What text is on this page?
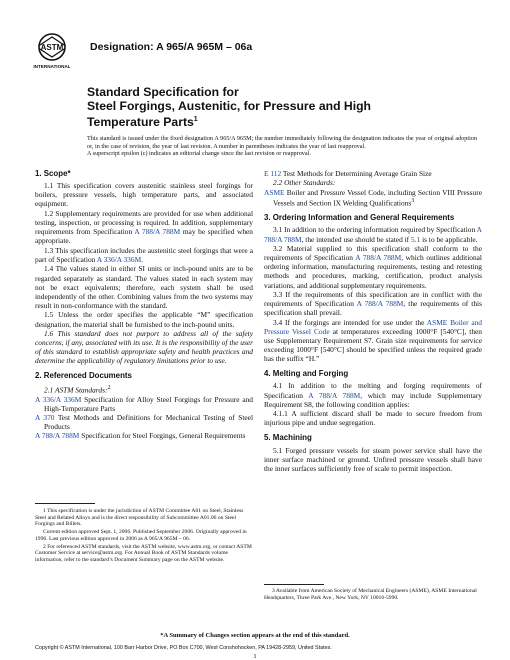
ASTM
INTERNATIONAL
Designation: A 965/A 965M – 06a
Standard Specification for
Steel Forgings, Austenitic, for Pressure and High
Temperature Parts$^1$
This standard is issued under the fixed designation A 965/A 965M; the number immediately following the designation indicates the year of original adoption or, in the case of revision, the year of last revision. A number in parentheses indicates the year of last reapproval.
A superscript epsilon (ε) indicates an editorial change since the last revision or reapproval.
1. Scope*

1.1 This specification covers austenitic stainless steel forgings for boilers, pressure vessels, high temperature parts, and associated equipment.

1.2 Supplementary requirements are provided for use when additional testing, inspection, or processing is required. In addition, supplementary requirements from Specification A 788/A 788M may be specified when appropriate.

1.3 This specification includes the austenitic steel forgings that were a part of Specification A 336/A 336M.

1.4 The values stated in either SI units or inch-pound units are to be regarded separately as standard. The values stated in each system may not be exact equivalents; therefore, each system shall be used independently of the other. Combining values from the two systems may result in non-conformance with the standard.

1.5 Unless the order specifies the applicable “M” specification designation, the material shall be furnished to the inch-pound units.

1.6 This standard does not purport to address all of the safety concerns, if any, associated with its use. It is the responsibility of the user of this standard to establish appropriate safety and health practices and determine the applicability of regulatory limitations prior to use.

2. Referenced Documents

2.1 ASTM Standards:$^2$

A 336/A 336M Specification for Alloy Steel Forgings for Pressure and High-Temperature Parts

A 370 Test Methods and Definitions for Mechanical Testing of Steel Products

A 788/A 788M Specification for Steel Forgings, General Requirements

E 112 Test Methods for Determining Average Grain Size

2.2 Other Standards:

ASME Boiler and Pressure Vessel Code, including Section VIII Pressure Vessels and Section IX Welding Qualifications$^3$

3. Ordering Information and General Requirements

3.1 In addition to the ordering information required by Specification A 788/A 788M, the intended use should be stated if 5.1 is to be applicable.

3.2 Material supplied to this specification shall conform to the requirements of Specification A 788/A 788M, which outlines additional ordering information, manufacturing requirements, testing and retesting methods and procedures, marking, certification, product analysis variations, and additional supplementary requirements.

3.3 If the requirements of this specification are in conflict with the requirements of Specification A 788/A 788M, the requirements of this specification shall prevail.

3.4 If the forgings are intended for use under the ASME Boiler and Pressure Vessel Code at temperatures exceeding 1000°F [540°C], then use Supplementary Requirement S7. Grain size requirements for service exceeding 1000°F [540°C] should be specified unless the required grade has the suffix “H.”

4. Melting and Forging

4.1 In addition to the melting and forging requirements of Specification A 788/A 788M, which may include Supplementary Requirement S8, the following condition applies:

4.1.1 A sufficient discard shall be made to secure freedom from injurious pipe and undue segregation.

5. Machining

5.1 Forged pressure vessels for steam power service shall have the inner surface machined or ground. Unfired pressure vessels shall have the inner surfaces sufficiently free of scale to permit inspection.

1 This specification is under the jurisdiction of ASTM Committee A01 on Steel, Stainless Steel and Related Alloys and is the direct responsibility of Subcommittee A01.06 on Steel Forgings and Billets.

Current edition approved Sept. 1, 2006. Published September 2006. Originally approved in 1996. Last previous edition approved in 2006 as A 965/A 965M – 06.

2 For referenced ASTM standards, visit the ASTM website, www.astm.org, or contact ASTM Customer Service at service@astm.org. For Annual Book of ASTM Standards volume information, refer to the standard’s Document Summary page on the ASTM website.

3 Available from American Society of Mechanical Engineers (ASME), ASME International Headquarters, Three Park Ave., New York, NY 10016-5990.

*A Summary of Changes section appears at the end of this standard.
Copyright © ASTM International, 100 Barr Harbor Drive, PO Box C700, West Conshohocken, PA 19428-2959, United States.
1
